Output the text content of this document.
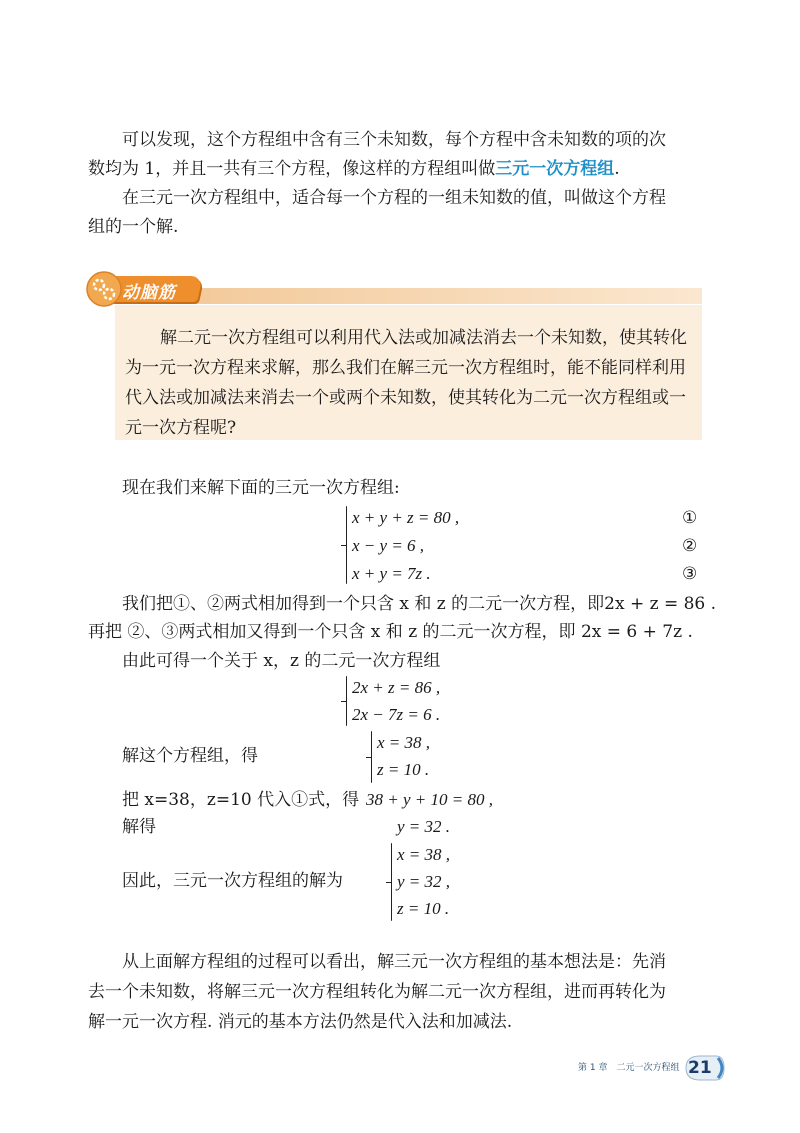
可以发现，这个方程组中含有三个未知数，每个方程中含未知数的项的次
数均为 1，并且一共有三个方程，像这样的方程组叫做三元一次方程组.
在三元一次方程组中，适合每一个方程的一组未知数的值，叫做这个方程
组的一个解.
动脑筋
解二元一次方程组可以利用代入法或加减法消去一个未知数，使其转化
为一元一次方程来求解，那么我们在解三元一次方程组时，能不能同样利用
代入法或加减法来消去一个或两个未知数，使其转化为二元一次方程组或一
元一次方程呢?
现在我们来解下面的三元一次方程组:
x + y + z = 80 ,
x − y = 6 ,
x + y = 7z .
①
②
③
我们把①、②两式相加得到一个只含 x 和 z 的二元一次方程，即2x + z = 86 .
再把 ②、③两式相加又得到一个只含 x 和 z 的二元一次方程，即 2x = 6 + 7z .
由此可得一个关于 x，z 的二元一次方程组
2x + z = 86 ,
2x − 7z = 6 .
解这个方程组，得
x = 38 ,
z = 10 .
把 x=38，z=10 代入①式，得 38 + y + 10 = 80 ,
解得	y = 32 .
因此，三元一次方程组的解为
x = 38 ,
y = 32 ,
z = 10 .
从上面解方程组的过程可以看出，解三元一次方程组的基本想法是：先消
去一个未知数，将解三元一次方程组转化为解二元一次方程组，进而再转化为
解一元一次方程. 消元的基本方法仍然是代入法和加减法.
第 1 章　二元一次方程组 21
